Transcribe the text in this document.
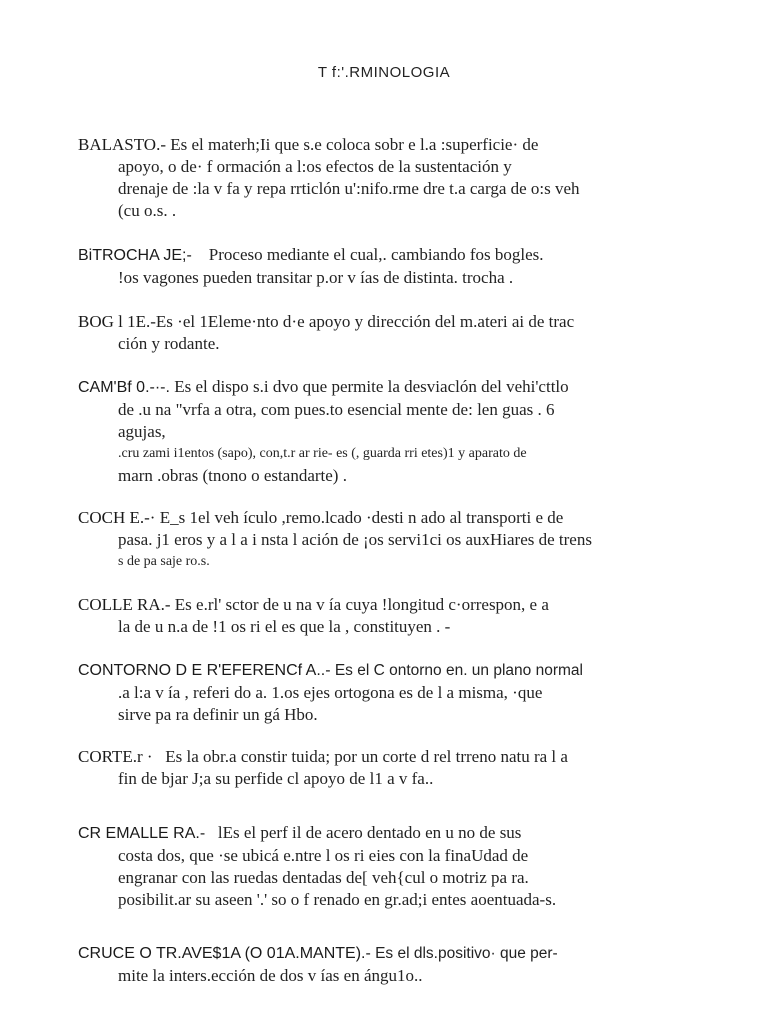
T f:'.RMINOLOGIA
BALASTO.- Es el materh;Ii que s.e coloca sobr e l.a :superficie· de
apoyo, o de· f ormación a l:os efectos de la sustentación y
drenaje de :la v fa y repa rrticlón u':nifo.rme dre t.a carga de o:s veh
(cu o.s. .
BiTROCHA JE;- Proceso mediante el cual,. cambiando fos bogles.
!os vagones pueden transitar p.or v ías de distinta. trocha .
BOG l 1E.-Es ·el 1Eleme·nto d·e apoyo y dirección del m.ateri ai de trac
ción y rodante.
CAM'Bf 0.-·-. Es el dispo s.i dvo que permite la desviaclón del vehi'cttlo
de .u na "vrfa a otra, com pues.to esencial mente de: len guas . 6
agujas,
.cru zami i1entos (sapo), con,t.r ar rie- es (, guarda rri etes)1 y aparato de
marn .obras (tnono o estandarte) .
COCH E.-· E_s 1el veh ículo ,remo.lcado ·desti n ado al transporti e de
pasa. j1 eros y a l a i nsta l ación de ¡os servi1ci os auxHiares de trens
s de pa saje ro.s.
COLLE RA.- Es e.rl' sctor de u na v ía cuya !longitud c·orrespon, e a
la de u n.a de !1 os ri el es que la , constituyen . -
CONTORNO D E R'EFERENCf A..- Es el C ontorno en. un plano normal
.a l:a v ía , referi do a. 1.os ejes ortogona es de l a misma, ·que
sirve pa ra definir un gá Hbo.
CORTE.r · Es la obr.a constir tuida; por un corte d rel trreno natu ra l a
fin de bjar J;a su perfide cl apoyo de l1 a v fa..
CR EMALLE RA.- lEs el perf il de acero dentado en u no de sus
costa dos, que ·se ubicá e.ntre l os ri eies con la finaUdad de
engranar con las ruedas dentadas de[ veh{cul o motriz pa ra.
posibilit.ar su aseen '.' so o f renado en gr.ad;i entes aoentuada-s.
CRUCE O TR.AVE$1A (O 01A.MANTE).- Es el dls.positivo· que per-
mite la inters.ección de dos v ías en ángu1o..
